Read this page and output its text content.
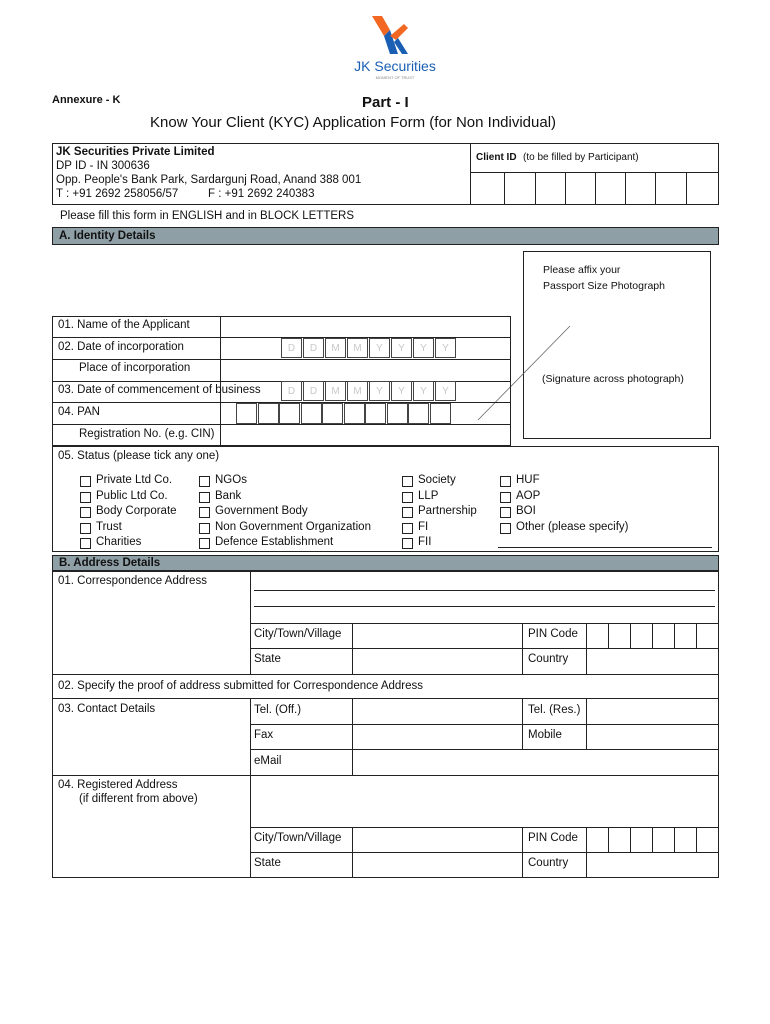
JK Securities
MOMENT OF TRUST
Annexure - K	Part - I
Know Your Client (KYC) Application Form (for Non Individual)
JK Securities Private Limited
DP ID - IN 300636
Opp. People's Bank Park, Sardargunj Road, Anand 388 001
T : +91 2692 258056/57	F : +91 2692 240383
Client ID (to be filled by Participant)
Please fill this form in ENGLISH and in BLOCK LETTERS
A. Identity Details
Please affix your
Passport Size Photograph
(Signature across photograph)
01. Name of the Applicant
02. Date of incorporation	D	D	M	M	Y	Y	Y	Y
Place of incorporation
03. Date of commencement of business	D	D	M	M	Y	Y	Y	Y
04. PAN
Registration No. (e.g. CIN)
05. Status (please tick any one)
Private Ltd Co.
Public Ltd Co.
Body Corporate
Trust
Charities
NGOs
Bank
Government Body
Non Government Organization
Defence Establishment
Society
LLP
Partnership
FI
FII
HUF
AOP
BOI
Other (please specify)
B. Address Details
01. Correspondence Address
City/Town/Village	PIN Code
State	Country
02. Specify the proof of address submitted for Correspondence Address
03. Contact Details	Tel. (Off.)	Tel. (Res.)
Fax	Mobile
eMail
04. Registered Address
(if different from above)
City/Town/Village	PIN Code
State	Country
